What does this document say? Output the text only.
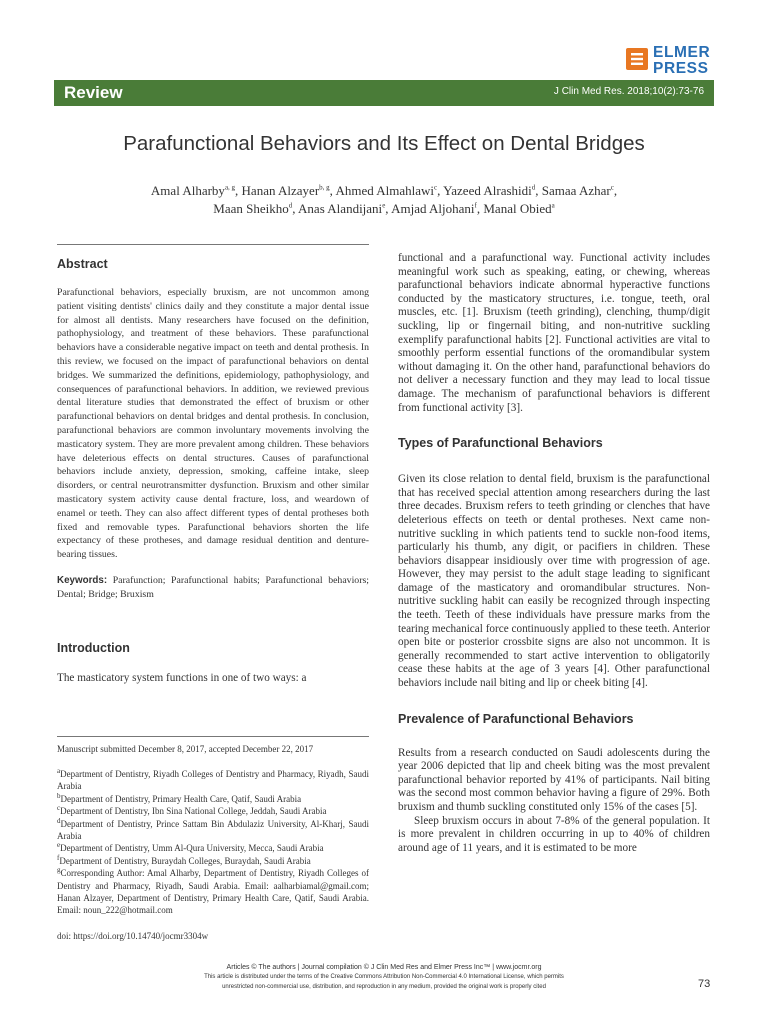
ELMER
PRESS
Review	J Clin Med Res. 2018;10(2):73-76
Parafunctional Behaviors and Its Effect on Dental Bridges
Amal Alharby$^{a, g}$, Hanan Alzayer$^{b, g}$, Ahmed Almahlawi$^c$, Yazeed Alrashidi$^d$, Samaa Azhar$^c$,
Maan Sheikho$^d$, Anas Alandijani$^e$, Amjad Aljohani$^f$, Manal Obied$^a$
Abstract

Parafunctional behaviors, especially bruxism, are not uncommon among patient visiting dentists' clinics daily and they constitute a major dental issue for almost all dentists. Many researchers have focused on the definition, pathophysiology, and treatment of these behaviors. These parafunctional behaviors have a considerable negative impact on teeth and dental prothesis. In this review, we focused on the impact of parafunctional behaviors on dental bridges. We summarized the definitions, epidemiology, pathophysiology, and consequences of parafunctional behaviors. In addition, we reviewed previous dental literature studies that demonstrated the effect of bruxism or other parafunctional behaviors on dental bridges and dental prothesis. In conclusion, parafunctional behaviors are common involuntary movements involving the masticatory system. They are more prevalent among children. These behaviors have deleterious effects on dental structures. Causes of parafunctional behaviors include anxiety, depression, smoking, caffeine intake, sleep disorders, or central neurotransmitter dysfunction. Bruxism and other similar masticatory system activity cause dental fracture, loss, and weardown of enamel or teeth. They can also affect different types of dental protheses both fixed and removable types. Parafunctional behaviors shorten the life expectancy of these protheses, and damage residual dentition and denture-bearing tissues.

Keywords: Parafunction; Parafunctional habits; Parafunctional behaviors; Dental; Bridge; Bruxism

Introduction

The masticatory system functions in one of two ways: a

Manuscript submitted December 8, 2017, accepted December 22, 2017
$^a$Department of Dentistry, Riyadh Colleges of Dentistry and Pharmacy, Riyadh, Saudi Arabia
$^b$Department of Dentistry, Primary Health Care, Qatif, Saudi Arabia
$^c$Department of Dentistry, Ibn Sina National College, Jeddah, Saudi Arabia
$^d$Department of Dentistry, Prince Sattam Bin Abdulaziz University, Al-Kharj, Saudi Arabia
$^e$Department of Dentistry, Umm Al-Qura University, Mecca, Saudi Arabia
$^f$Department of Dentistry, Buraydah Colleges, Buraydah, Saudi Arabia
$^g$Corresponding Author: Amal Alharby, Department of Dentistry, Riyadh Colleges of Dentistry and Pharmacy, Riyadh, Saudi Arabia. Email: aalharbiamal@gmail.com; Hanan Alzayer, Department of Dentistry, Primary Health Care, Qatif, Saudi Arabia. Email: noun_222@hotmail.com
doi: https://doi.org/10.14740/jocmr3304w

functional and a parafunctional way. Functional activity includes meaningful work such as speaking, eating, or chewing, whereas parafunctional behaviors indicate abnormal hyperactive functions conducted by the masticatory structures, i.e. tongue, teeth, oral muscles, etc. [1]. Bruxism (teeth grinding), clenching, thump/digit suckling, lip or fingernail biting, and non-nutritive suckling exemplify parafunctional habits [2]. Functional activities are vital to smoothly perform essential functions of the oromandibular system without damaging it. On the other hand, parafunctional behaviors do not deliver a necessary function and they may lead to local tissue damage. The mechanism of parafunctional behaviors is different from functional activity [3].

Types of Parafunctional Behaviors

Given its close relation to dental field, bruxism is the parafunctional that has received special attention among researchers during the last three decades. Bruxism refers to teeth grinding or clenches that have deleterious effects on teeth or dental protheses. Next came non-nutritive suckling in which patients tend to suckle non-food items, particularly his thumb, any digit, or pacifiers in children. These behaviors disappear insidiously over time with progression of age. However, they may persist to the adult stage leading to significant damage of the masticatory and oromandibular structures. Non-nutritive suckling habit can easily be recognized through inspecting the teeth. Teeth of these individuals have pressure marks from the tearing mechanical force continuously applied to these teeth. Anterior open bite or posterior crossbite signs are also not uncommon. It is generally recommended to start active intervention to obligatorily cease these habits at the age of 3 years [4]. Other parafunctional behaviors include nail biting and lip or cheek biting [4].

Prevalence of Parafunctional Behaviors

Results from a research conducted on Saudi adolescents during the year 2006 depicted that lip and cheek biting was the most prevalent parafunctional behavior reported by 41% of participants. Nail biting was the second most common behavior having a figure of 29%. Both bruxism and thumb suckling constituted only 15% of the cases [5].

Sleep bruxism occurs in about 7-8% of the general population. It is more prevalent in children occurring in up to 40% of children around age of 11 years, and it is estimated to be more

Articles © The authors | Journal compilation © J Clin Med Res and Elmer Press Inc™ | www.jocmr.org
This article is distributed under the terms of the Creative Commons Attribution Non-Commercial 4.0 International License, which permits
unrestricted non-commercial use, distribution, and reproduction in any medium, provided the original work is properly cited	73
